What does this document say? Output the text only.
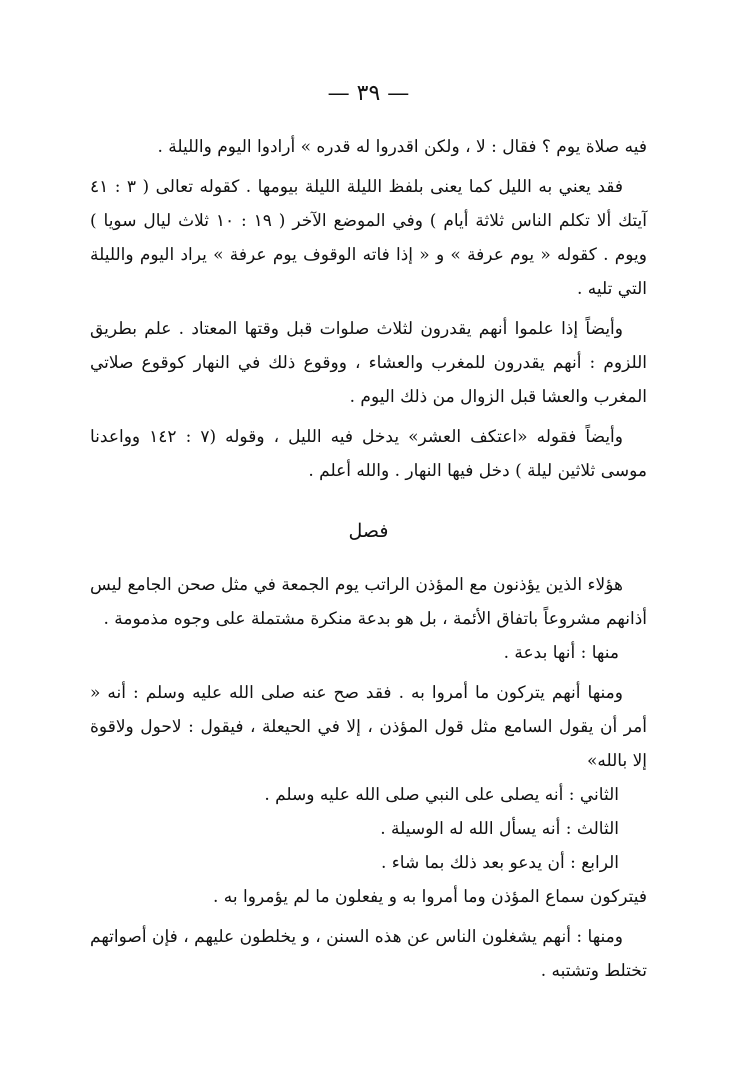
— ٣٩ —

فيه صلاة يوم ؟ فقال : لا ، ولكن اقدروا له قدره » أرادوا اليوم والليلة .

فقد يعني به الليل كما يعنى بلفظ الليلة الليلة بيومها . كقوله تعالى ( ٣ : ٤١ آيتك ألا تكلم الناس ثلاثة أيام ) وفي الموضع الآخر ( ١٩ : ١٠ ثلاث ليال سويا ) ويوم . كقوله « يوم عرفة » و « إذا فاته الوقوف يوم عرفة » يراد اليوم والليلة التي تليه .

وأيضاً إذا علموا أنهم يقدرون لثلاث صلوات قبل وقتها المعتاد . علم بطريق اللزوم : أنهم يقدرون للمغرب والعشاء ، ووقوع ذلك في النهار كوقوع صلاتي المغرب والعشا قبل الزوال من ذلك اليوم .

وأيضاً فقوله «اعتكف العشر» يدخل فيه الليل ، وقوله (٧ : ١٤٢ وواعدنا موسى ثلاثين ليلة ) دخل فيها النهار . والله أعلم .

فصل

هؤلاء الذين يؤذنون مع المؤذن الراتب يوم الجمعة في مثل صحن الجامع ليس أذانهم مشروعاً باتفاق الأئمة ، بل هو بدعة منكرة مشتملة على وجوه مذمومة .

منها : أنها بدعة .

ومنها أنهم يتركون ما أمروا به . فقد صح عنه صلى الله عليه وسلم : أنه « أمر أن يقول السامع مثل قول المؤذن ، إلا في الحيعلة ، فيقول : لاحول ولاقوة إلا بالله»

الثاني : أنه يصلى على النبي صلى الله عليه وسلم .

الثالث : أنه يسأل الله له الوسيلة .

الرابع : أن يدعو بعد ذلك بما شاء .

فيتركون سماع المؤذن وما أمروا به و يفعلون ما لم يؤمروا به .

ومنها : أنهم يشغلون الناس عن هذه السنن ، و يخلطون عليهم ، فإن أصواتهم تختلط وتشتبه .
